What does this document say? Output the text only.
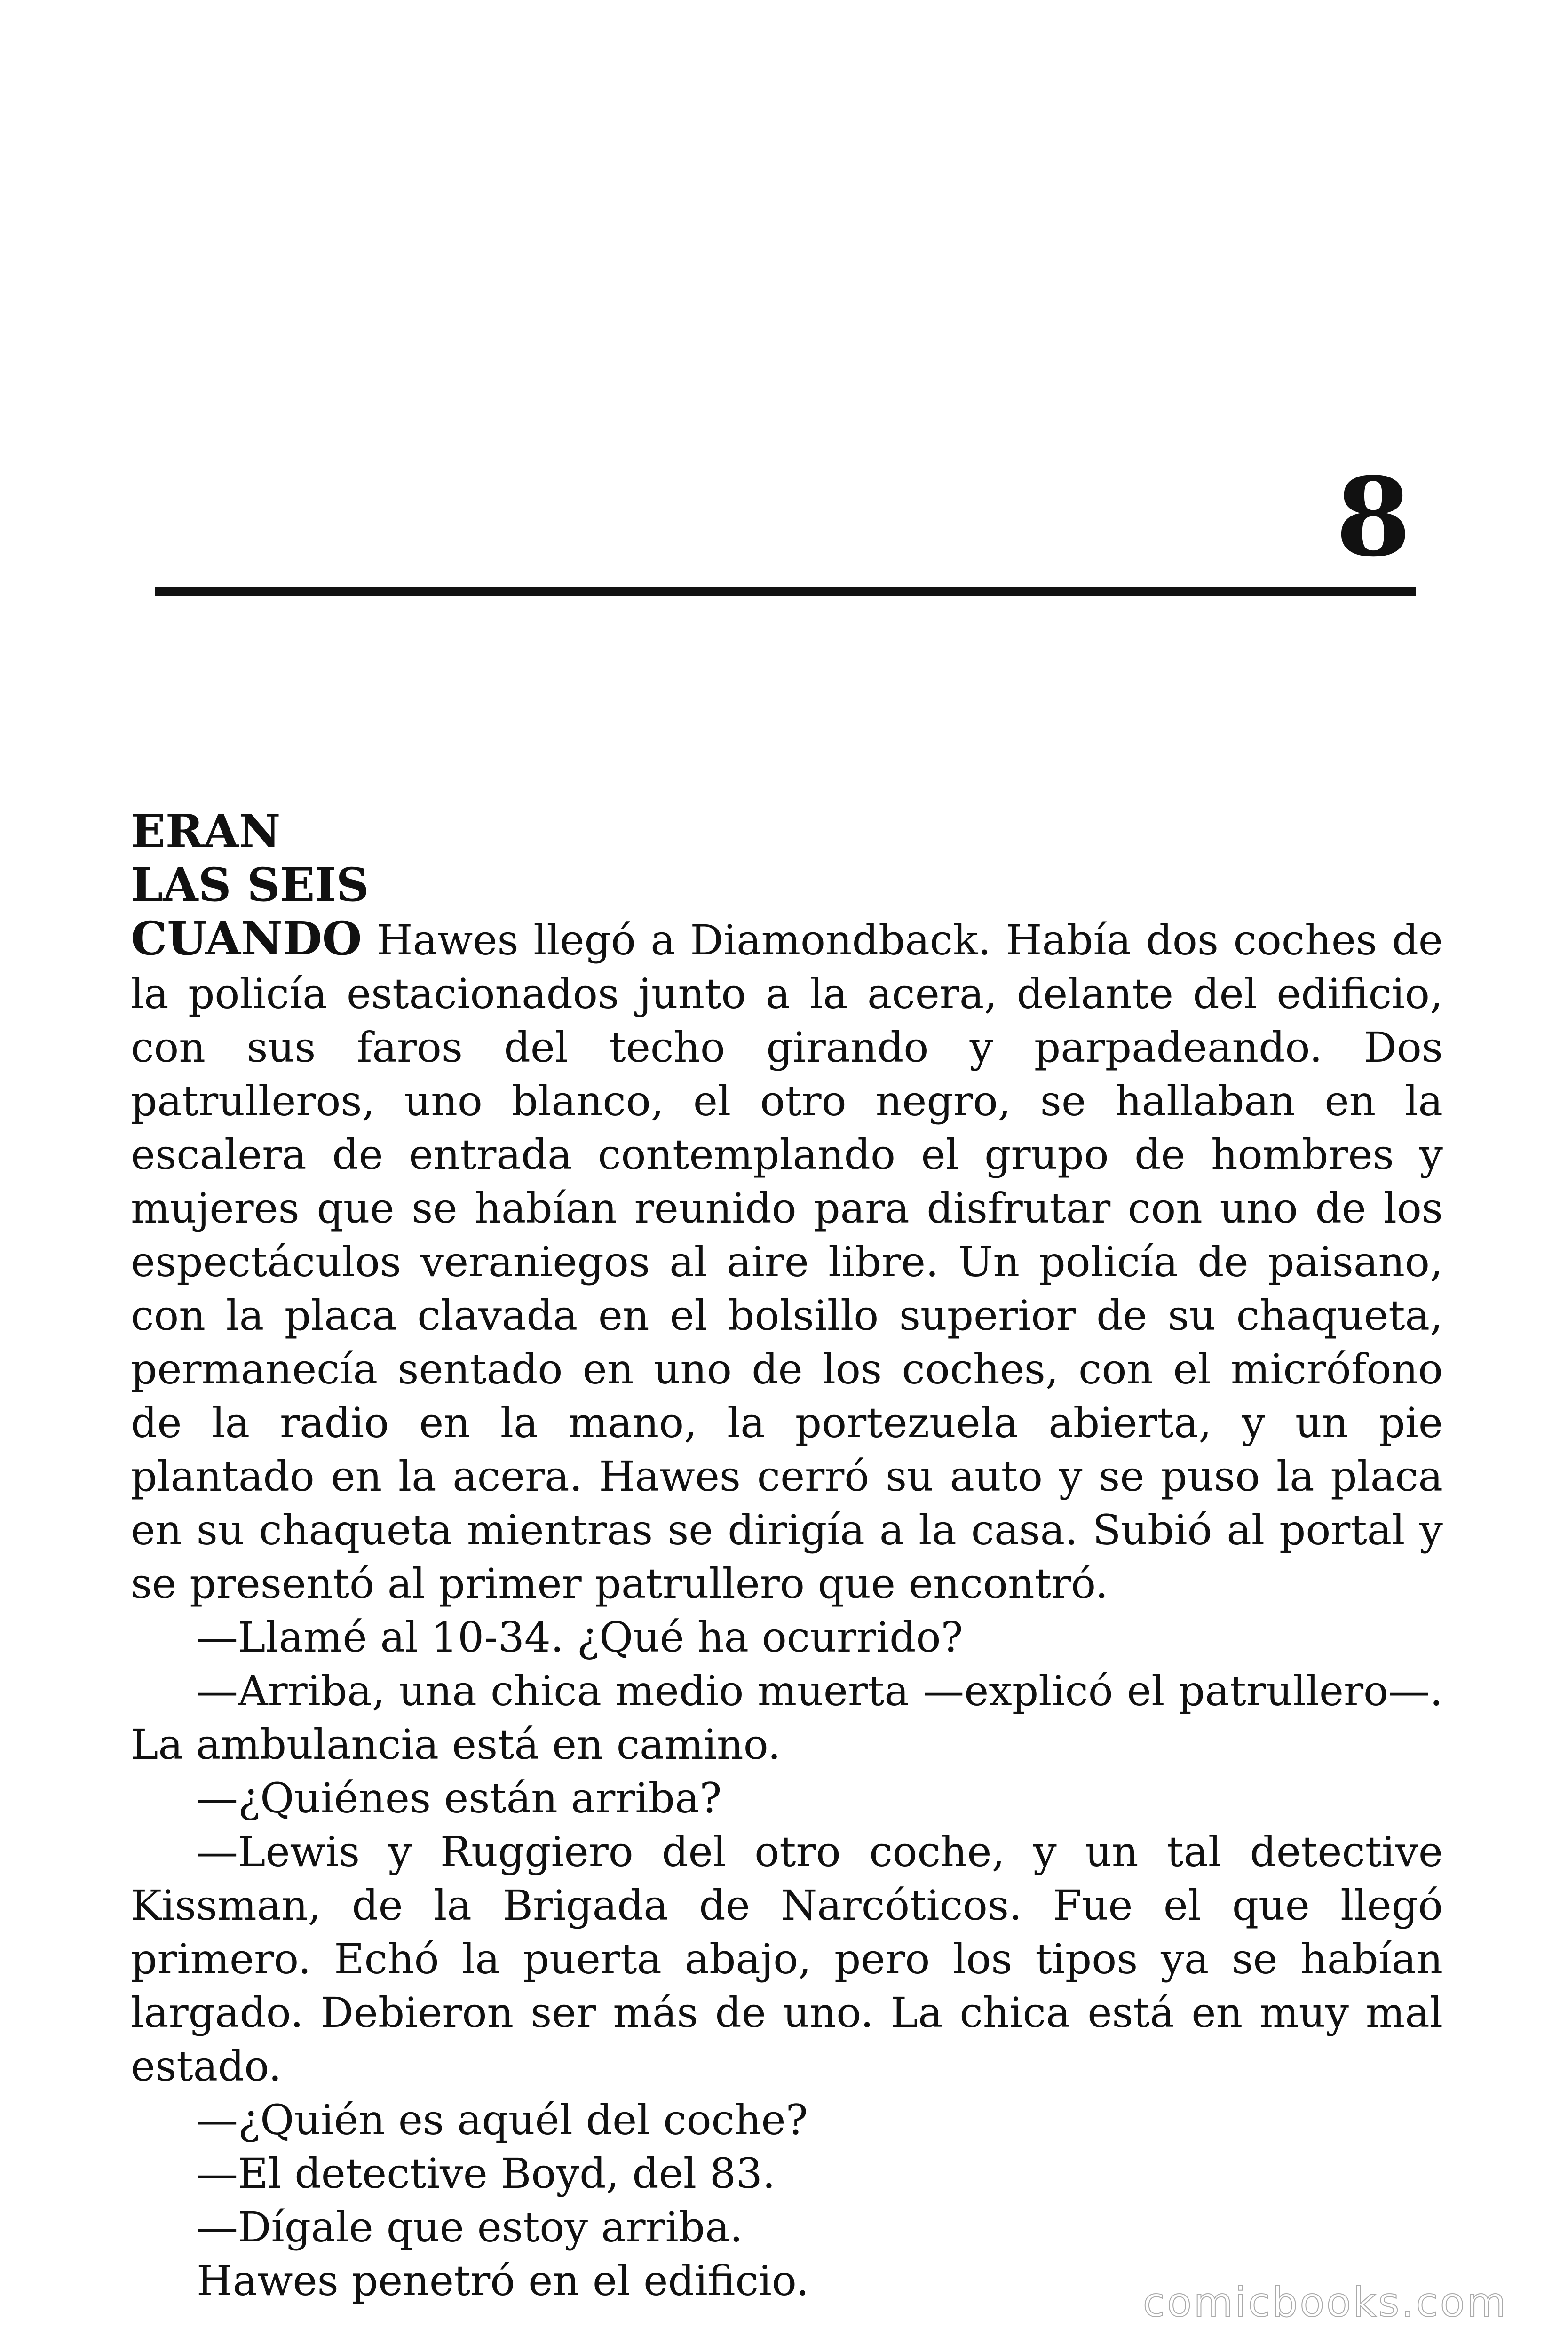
8

ERAN
LAS SEIS
CUANDO Hawes llegó a Diamondback. Había dos coches de la policía estacionados junto a la acera, delante del edificio, con sus faros del techo girando y parpadeando. Dos patrulleros, uno blanco, el otro negro, se hallaban en la escalera de entrada contemplando el grupo de hombres y mujeres que se habían reunido para disfrutar con uno de los espectáculos veraniegos al aire libre. Un policía de paisano, con la placa clavada en el bolsillo superior de su chaqueta, permanecía sentado en uno de los coches, con el micrófono de la radio en la mano, la portezuela abierta, y un pie plantado en la acera. Hawes cerró su auto y se puso la placa en su chaqueta mientras se dirigía a la casa. Subió al portal y se presentó al primer patrullero que encontró.

—Llamé al 10-34. ¿Qué ha ocurrido?

—Arriba, una chica medio muerta —explicó el patrullero—. La ambulancia está en camino.

—¿Quiénes están arriba?

—Lewis y Ruggiero del otro coche, y un tal detective Kissman, de la Brigada de Narcóticos. Fue el que llegó primero. Echó la puerta abajo, pero los tipos ya se habían largado. Debieron ser más de uno. La chica está en muy mal estado.

—¿Quién es aquél del coche?

—El detective Boyd, del 83.

—Dígale que estoy arriba.

Hawes penetró en el edificio.	comicbooks.com
